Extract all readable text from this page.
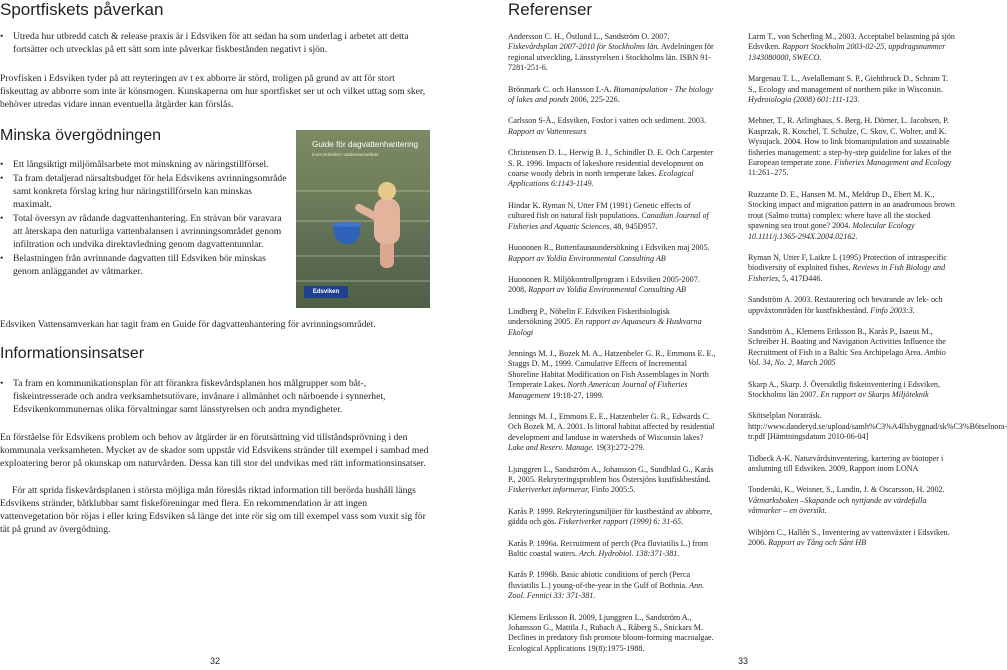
Sportfiskets påverkan
• Utreda hur utbredd catch & release praxis är i Edsviken för att sedan ha som underlag i arbetet att detta fortsätter och utvecklas på ett sätt som inte påverkar fiskbestånden negativt i sjön.

Provfisken i Edsviken tyder på att reyteringen av t ex abborre är störd, troligen på grund av att för stort fiskeuttag av abborre som inte är könsmogen. Kunskaperna om hur sportfisket ser ut och vilket uttag som sker, behöver utredas vidare innan eventuella åtgärder kan förslås.

Minska övergödningen
• Ett långsiktigt miljömålsarbete mot minskning av näringstillförsel.
• Ta fram detaljerad närsaltsbudget för hela Edsvikens avrinningsområde samt konkreta förslag kring hur näringstillförseln kan minskas maximalt.
• Total översyn av rådande dagvattenhantering. En strävan bör varavara att återskapa den naturliga vattenbalansen i avrinningsområdet genom infiltration och undvika direktavledning genom dagvattentunnlar.
• Belastningen från avrinnande dagvatten till Edsviken bör minskas genom anläggandet av våtmarker.
Guide för dagvattenhantering
inom Edsviken Vattensamverkan
Edsviken

Edsviken Vattensamverkan har tagit fram en Guide för dagvattenhantering för avrinningsområdet.

Informationsinsatser
• Ta fram en kommunikationsplan för att förankra fiskevårdsplanen hos målgrupper som båt-, fiskeintresserade och andra verksamhetsutövare, invånare i allmänhet och närboende i synnerhet, Edsvikenkommunernas olika förvaltningar samt länsstyrelsen och andra myndigheter.

En förståelse för Edsvikens problem och behov av åtgärder är en förutsättning vid tillståndsprövning i den kommunala verksamheten. Mycket av de skador som uppstår vid Edsvikens stränder till exempel i sambad med exploatering beror på okunskap om naturvården. Dessa kan till stor del undvikas med rätt informationsinsatser.

För att sprida fiskevårdsplanen i största möjliga mån föreslås riktad information till berörda hushåll längs Edsvikens stränder, båtklubbar samt fiskeföreningar med flera. En rekommendation är att ingen vattenvegetation bör röjas i eller kring Edsviken så länge det inte rör sig om till exempel vass som vuxit sig för tät på grund av övergödning.

32
Referenser

Andersson C. H., Östlund L., Sandström O. 2007. Fiskevårdsplan 2007-2010 för Stockholms län. Avdelningen för regional utveckling, Länsstyrelsen i Stockholms län. ISBN 91-7281-251-6.

Brönmark C. och Hansson L-A. Biomanipulation - The biology of lakes and ponds 2006, 225-226.

Carlsson S-Å., Edsviken, Fosfor i vatten och sediment. 2003. Rapport av Vattenresurs

Christensen D. L., Herwig B. J., Schindler D. E. Och Carpenter S. R. 1996. Impacts of lakeshore residential development on coarse woody debris in north temperate lakes. Ecological Applications 6:1143-1149.

Hindar K. Ryman N, Utter FM (1991) Genetic effects of cultured fish on natural fish populations. Canadian Journal of Fisheries and Aquatic Sciences, 48, 945Ð957.

Huononen R., Bottenfaunaundersökning i Edsviken maj 2005. Rapport av Yoldia Environmental Consulting AB

Huononen R. Miljökontrollprogram i Edsviken 2005-2007. 2008, Rapport av Yoldia Environmental Consulting AB

Lindberg P., Nöbelin F. Edsviken Fiskeribiologisk undersökning 2005. En rapport av Aquaseurs & Huskvarna Ekologi

Jennings M. J., Bozek M. A., Hatzenbeler G. R., Emmons E. E., Staggs D. M., 1999. Cumulative Effects of Incremental Shoreline Habitat Modification on Fish Assemblages in North Temperate Lakes. North American Journal of Fisheries Management 19:18-27, 1999.

Jennings M. J., Emmons E. E., Hatzenbeler G. R., Edwards C. Och Bozek M. A. 2001. Is littoral habitat affected by residential development and landuse in watersheds of Wisconsin lakes? Lake and Reserv. Manage. 19(3):272-279.

Ljunggren L., Sandström A., Johansson G., Sundblad G., Karås P., 2005. Rekryteringsproblem hos Östersjöns kustfiskbestånd. Fiskeriverket informerar, Finfo 2005:5.

Karås P. 1999. Rekryteringsmiljöer för kustbestånd av abborre, gädda och gös. Fiskeriverket rapport (1999) 6: 31-65.

Karås P. 1996a. Recruitment of perch (Pca fluviatilis L.) from Baltic coastal waters. Arch. Hydrobiol. 138:371-381.

Karås P. 1996b. Basic abiotic conditions of perch (Perca fluviatilis L.) young-of-the-year in the Gulf of Bothnia. Ann. Zool. Fennici 33: 371-381.

Klemens Eriksson B. 2009, Ljunggren L., Sandström A., Johansson G., Mattila J., Rubach A., Råberg S., Snickars M. Declines in predatory fish promote bloom-forming macroalgae. Ecological Applications 19(8):1975-1988.

Larm T., von Scherling M., 2003. Acceptabel belastning på sjön Edsviken. Rapport Stockholm 2003-02-25, uppdragsnummer 1343080000, SWECO.

Margenau T. L., Avelallemant S. P., Giehtbrock D., Schram T. S., Ecology and management of northern pike in Wisconsin. Hydroiologia (2008) 601:111-123.

Mehner, T., R. Arlinghaus, S. Berg, H. Dörner, L. Jacobsen, P. Kasprzak, R. Koschel, T. Schulze, C. Skov, C. Wolter, and K. Wysujack. 2004. How to link biomanipulation and sustainable fisheries management: a step-by-step guideline for lakes of the European temperate zone. Fisheries Management and Ecology 11:261–275.

Ruzzante D. E., Hansen M. M., Meldrup D., Ebert M. K., Stocking impact and migration pattern in an anadromous brown trout (Salmo trutta) complex: where have all the stocked spawning sea trout gone? 2004. Molecular Ecology 10.1111/j.1365-294X.2004.02162.

Ryman N, Utter F, Laikre L (1995) Protection of intraspecific biodiversity of exploited fishes. Reviews in Fish Biology and Fisheries, 5, 417Ð446.

Sandström A. 2003. Restaurering och bevarande av lek- och uppväxtområden för kustfiskbestånd. Finfo 2003:3.

Sandström A., Klemens Eriksson B., Karås P., Isaeus M., Schreiber H. Boating and Navigation Activities Influence the Recruitment of Fish in a Baltic Sea Archipelago Area. Ambio Vol. 34, No. 2, March 2005

Skarp A., Skarp. J. Översiktlig fiskeinventering i Edsviken, Stockholms län 2007. En rapport av Skarps Miljöteknik

Skötselplan Noraträsk. http://www.danderyd.se/upload/samh%C3%A4llsbyggnad/sk%C3%B6tselnora-tr.pdf [Hämtningsdatum 2010-06-04]

Tidbeck A-K. Naturvårdsinventering, kartering av biotoper i anslutning till Edsviken. 2009, Rapport inom LONA

Tonderski, K., Weisner, S., Landin, J. & Oscarsson, H. 2002. Våtmarksboken –Skapande och nyttjande av värdefulla våtmarker – en översikt.

Wibjörn C., Hallén S., Inventering av vattenväxter i Edsviken. 2006. Rapport av Tång och Sånt HB

33
